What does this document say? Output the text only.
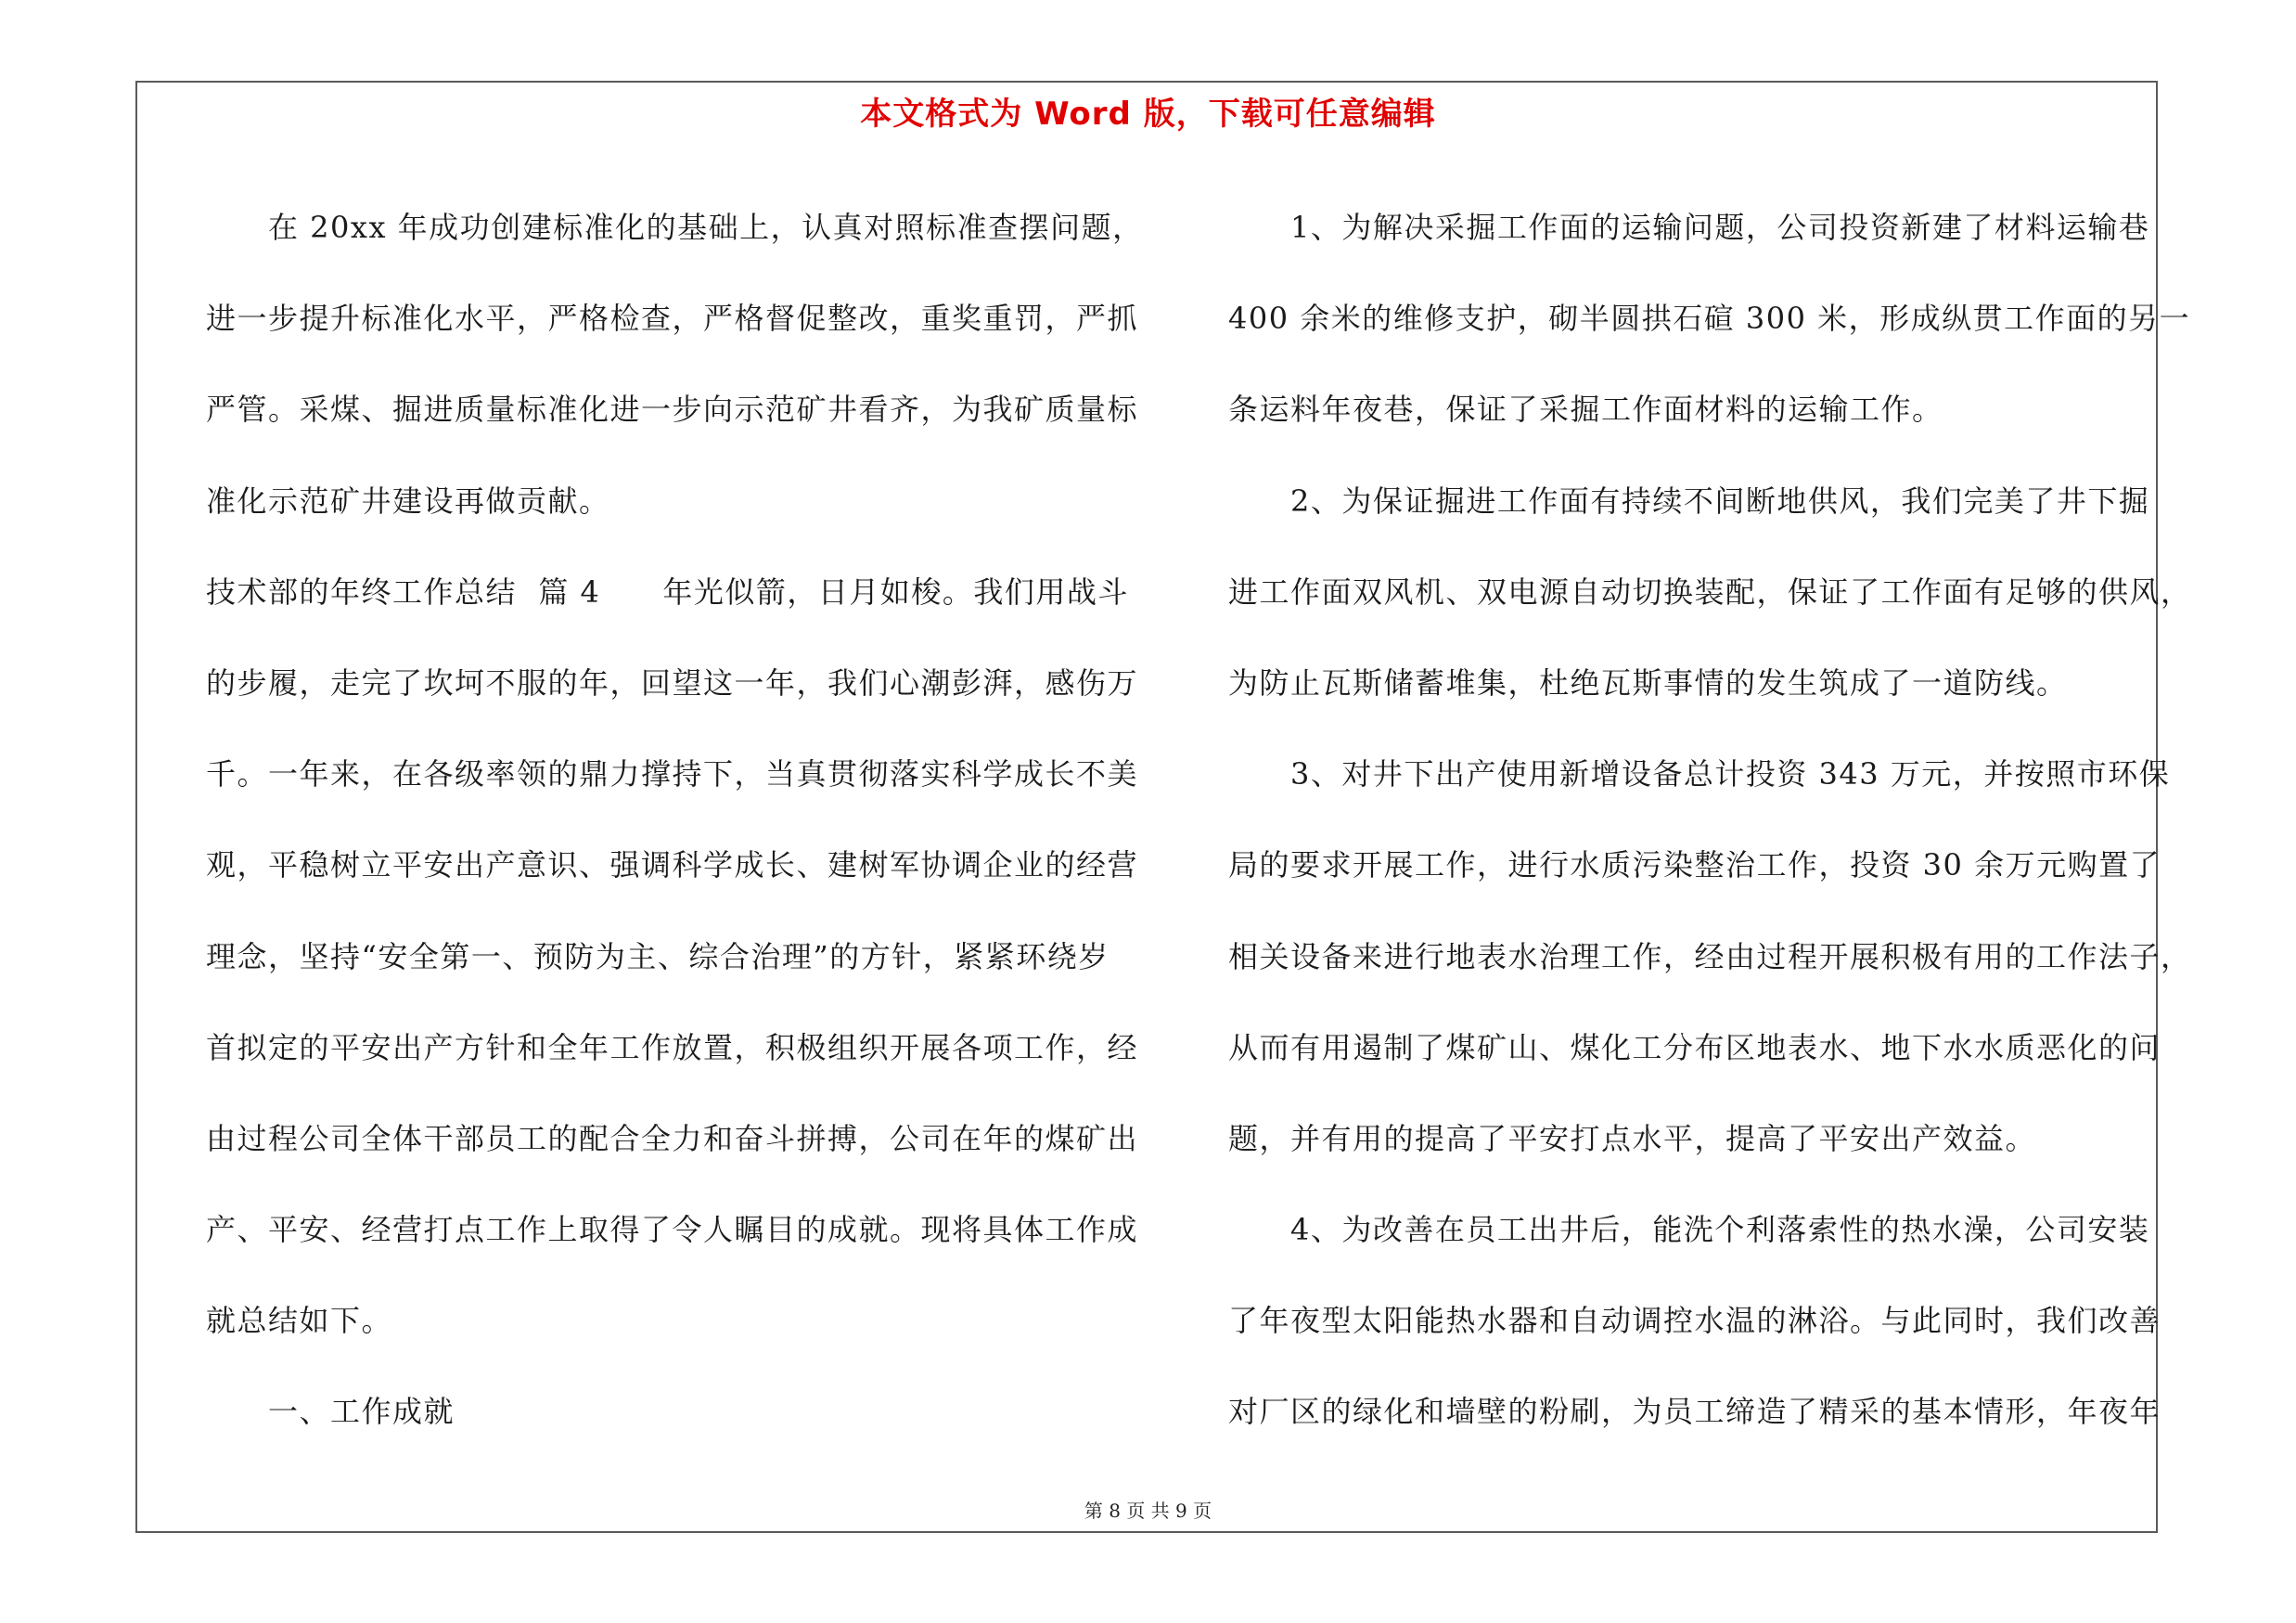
本文格式为 Word 版，下载可任意编辑
　　在 20xx 年成功创建标准化的基础上，认真对照标准查摆问题，
进一步提升标准化水平，严格检查，严格督促整改，重奖重罚，严抓
严管。采煤、掘进质量标准化进一步向示范矿井看齐，为我矿质量标
准化示范矿井建设再做贡献。
技术部的年终工作总结  篇 4　　年光似箭，日月如梭。我们用战斗
的步履，走完了坎坷不服的年，回望这一年，我们心潮彭湃，感伤万
千。一年来，在各级率领的鼎力撑持下，当真贯彻落实科学成长不美
观，平稳树立平安出产意识、强调科学成长、建树军协调企业的经营
理念，坚持“安全第一、预防为主、综合治理”的方针，紧紧环绕岁
首拟定的平安出产方针和全年工作放置，积极组织开展各项工作，经
由过程公司全体干部员工的配合全力和奋斗拼搏，公司在年的煤矿出
产、平安、经营打点工作上取得了令人瞩目的成就。现将具体工作成
就总结如下。
　　一、工作成就
　　1、为解决采掘工作面的运输问题，公司投资新建了材料运输巷
400 余米的维修支护，砌半圆拱石碹 300 米，形成纵贯工作面的另一
条运料年夜巷，保证了采掘工作面材料的运输工作。
　　2、为保证掘进工作面有持续不间断地供风，我们完美了井下掘
进工作面双风机、双电源自动切换装配，保证了工作面有足够的供风，
为防止瓦斯储蓄堆集，杜绝瓦斯事情的发生筑成了一道防线。
　　3、对井下出产使用新增设备总计投资 343 万元，并按照市环保
局的要求开展工作，进行水质污染整治工作，投资 30 余万元购置了
相关设备来进行地表水治理工作，经由过程开展积极有用的工作法子，
从而有用遏制了煤矿山、煤化工分布区地表水、地下水水质恶化的问
题，并有用的提高了平安打点水平，提高了平安出产效益。
　　4、为改善在员工出井后，能洗个利落索性的热水澡，公司安装
了年夜型太阳能热水器和自动调控水温的淋浴。与此同时，我们改善
对厂区的绿化和墙壁的粉刷，为员工缔造了精采的基本情形，年夜年
第 8 页 共 9 页
